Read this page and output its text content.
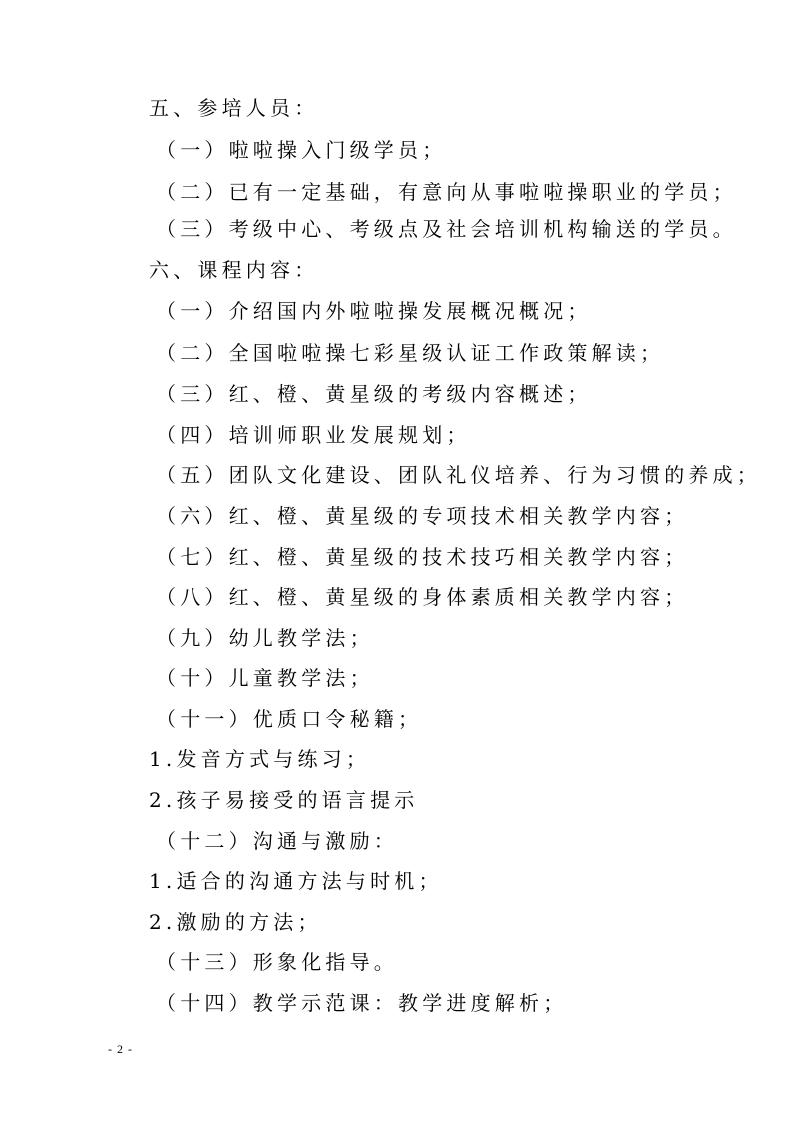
五、参培人员：
（一）啦啦操入门级学员；
（二）已有一定基础，有意向从事啦啦操职业的学员；
（三）考级中心、考级点及社会培训机构输送的学员。
六、课程内容：
（一）介绍国内外啦啦操发展概况概况；
（二）全国啦啦操七彩星级认证工作政策解读；
（三）红、橙、黄星级的考级内容概述；
（四）培训师职业发展规划；
（五）团队文化建设、团队礼仪培养、行为习惯的养成；
（六）红、橙、黄星级的专项技术相关教学内容；
（七）红、橙、黄星级的技术技巧相关教学内容；
（八）红、橙、黄星级的身体素质相关教学内容；
（九）幼儿教学法；
（十）儿童教学法；
（十一）优质口令秘籍；
1.发音方式与练习；
2.孩子易接受的语言提示
（十二）沟通与激励：
1.适合的沟通方法与时机；
2.激励的方法；
（十三）形象化指导。
（十四）教学示范课：教学进度解析；
- 2 -
